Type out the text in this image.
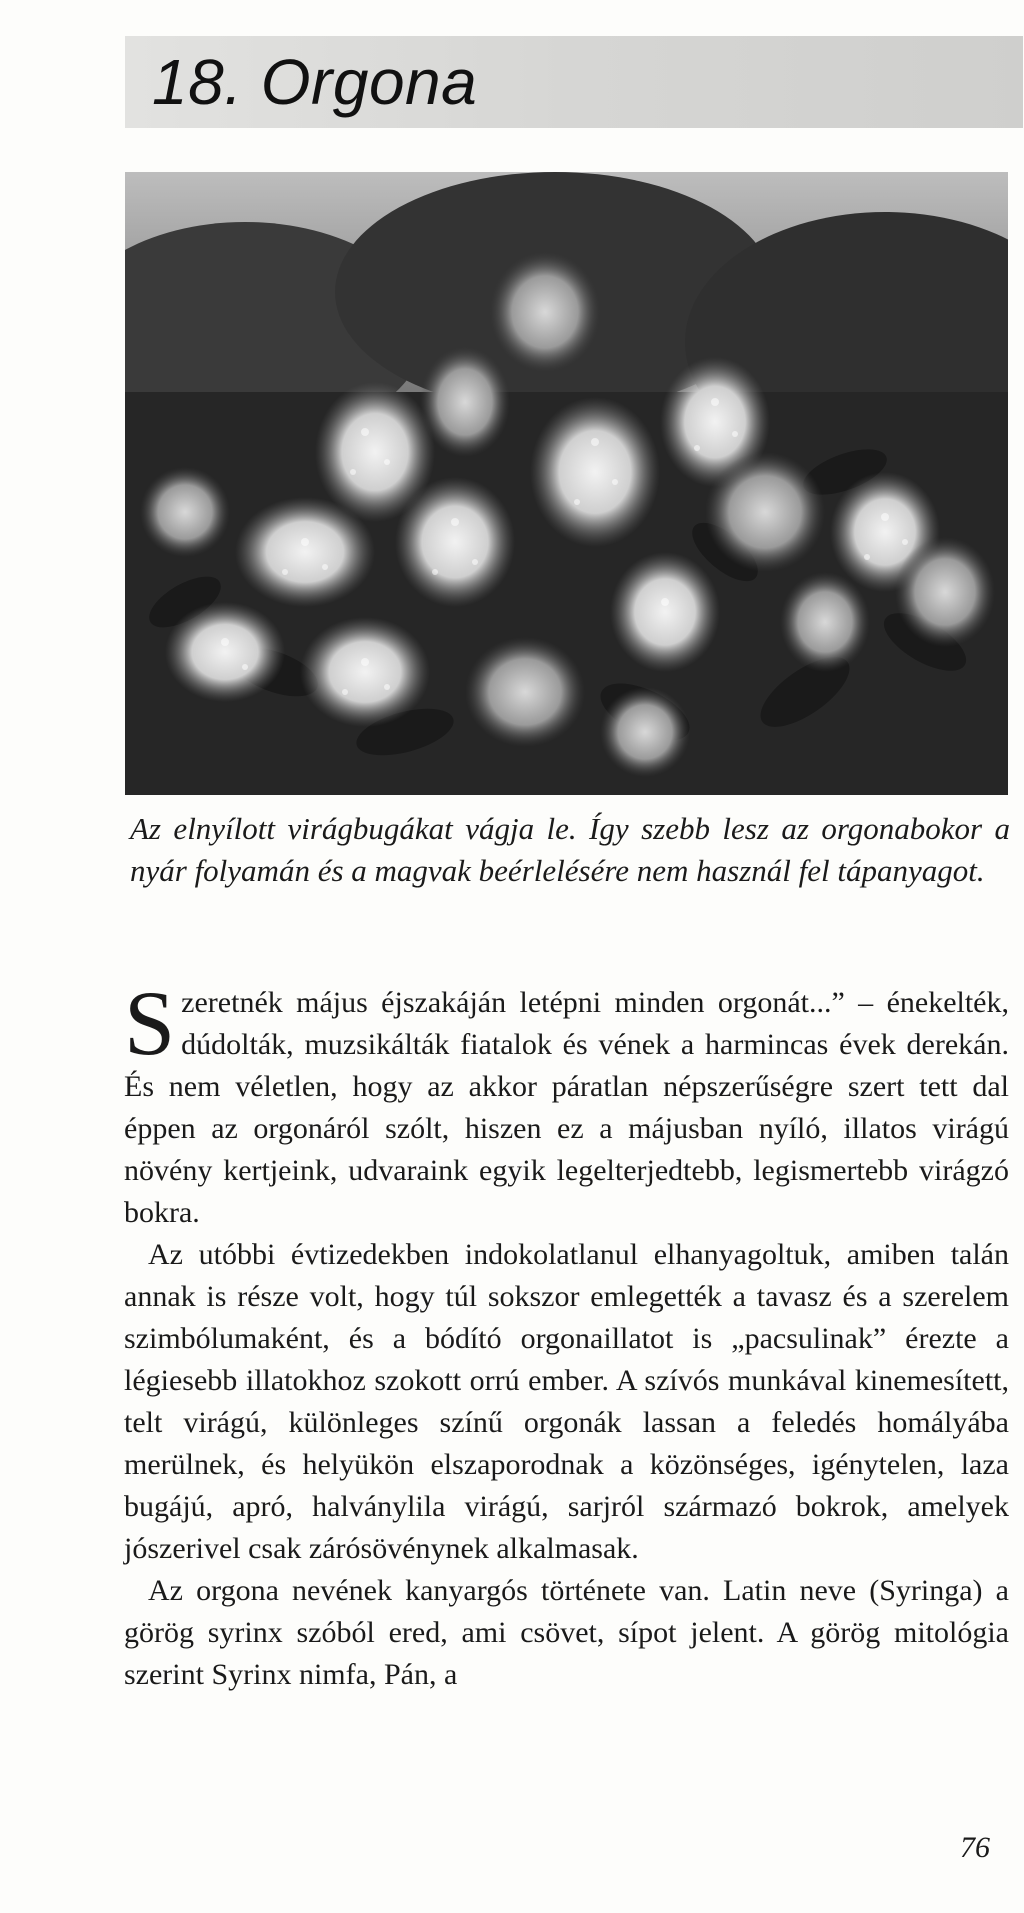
18. Orgona

Az elnyílott virágbugákat vágja le. Így szebb lesz az orgonabokor a nyár folyamán és a magvak beérlelésére nem használ fel tápanyagot.

Szeretnék május éjszakáján letépni minden orgonát...” – énekelték, dúdolták, muzsikálták fiatalok és vének a harmincas évek derekán. És nem véletlen, hogy az akkor páratlan népszerűségre szert tett dal éppen az orgonáról szólt, hiszen ez a májusban nyíló, illatos virágú növény kertjeink, udvaraink egyik legelterjedtebb, legismertebb virágzó bokra.

Az utóbbi évtizedekben indokolatlanul elhanyagoltuk, amiben talán annak is része volt, hogy túl sokszor emlegették a tavasz és a szerelem szimbólumaként, és a bódító orgonaillatot is „pacsulinak” érezte a légiesebb illatokhoz szokott orrú ember. A szívós munkával kinemesített, telt virágú, különleges színű orgonák lassan a feledés homályába merülnek, és helyükön elszaporodnak a közönséges, igénytelen, laza bugájú, apró, halványlila virágú, sarjról származó bokrok, amelyek jószerivel csak zárósövénynek alkalmasak.

Az orgona nevének kanyargós története van. Latin neve (Syringa) a görög syrinx szóból ered, ami csövet, sípot jelent. A görög mitológia szerint Syrinx nimfa, Pán, a

76
